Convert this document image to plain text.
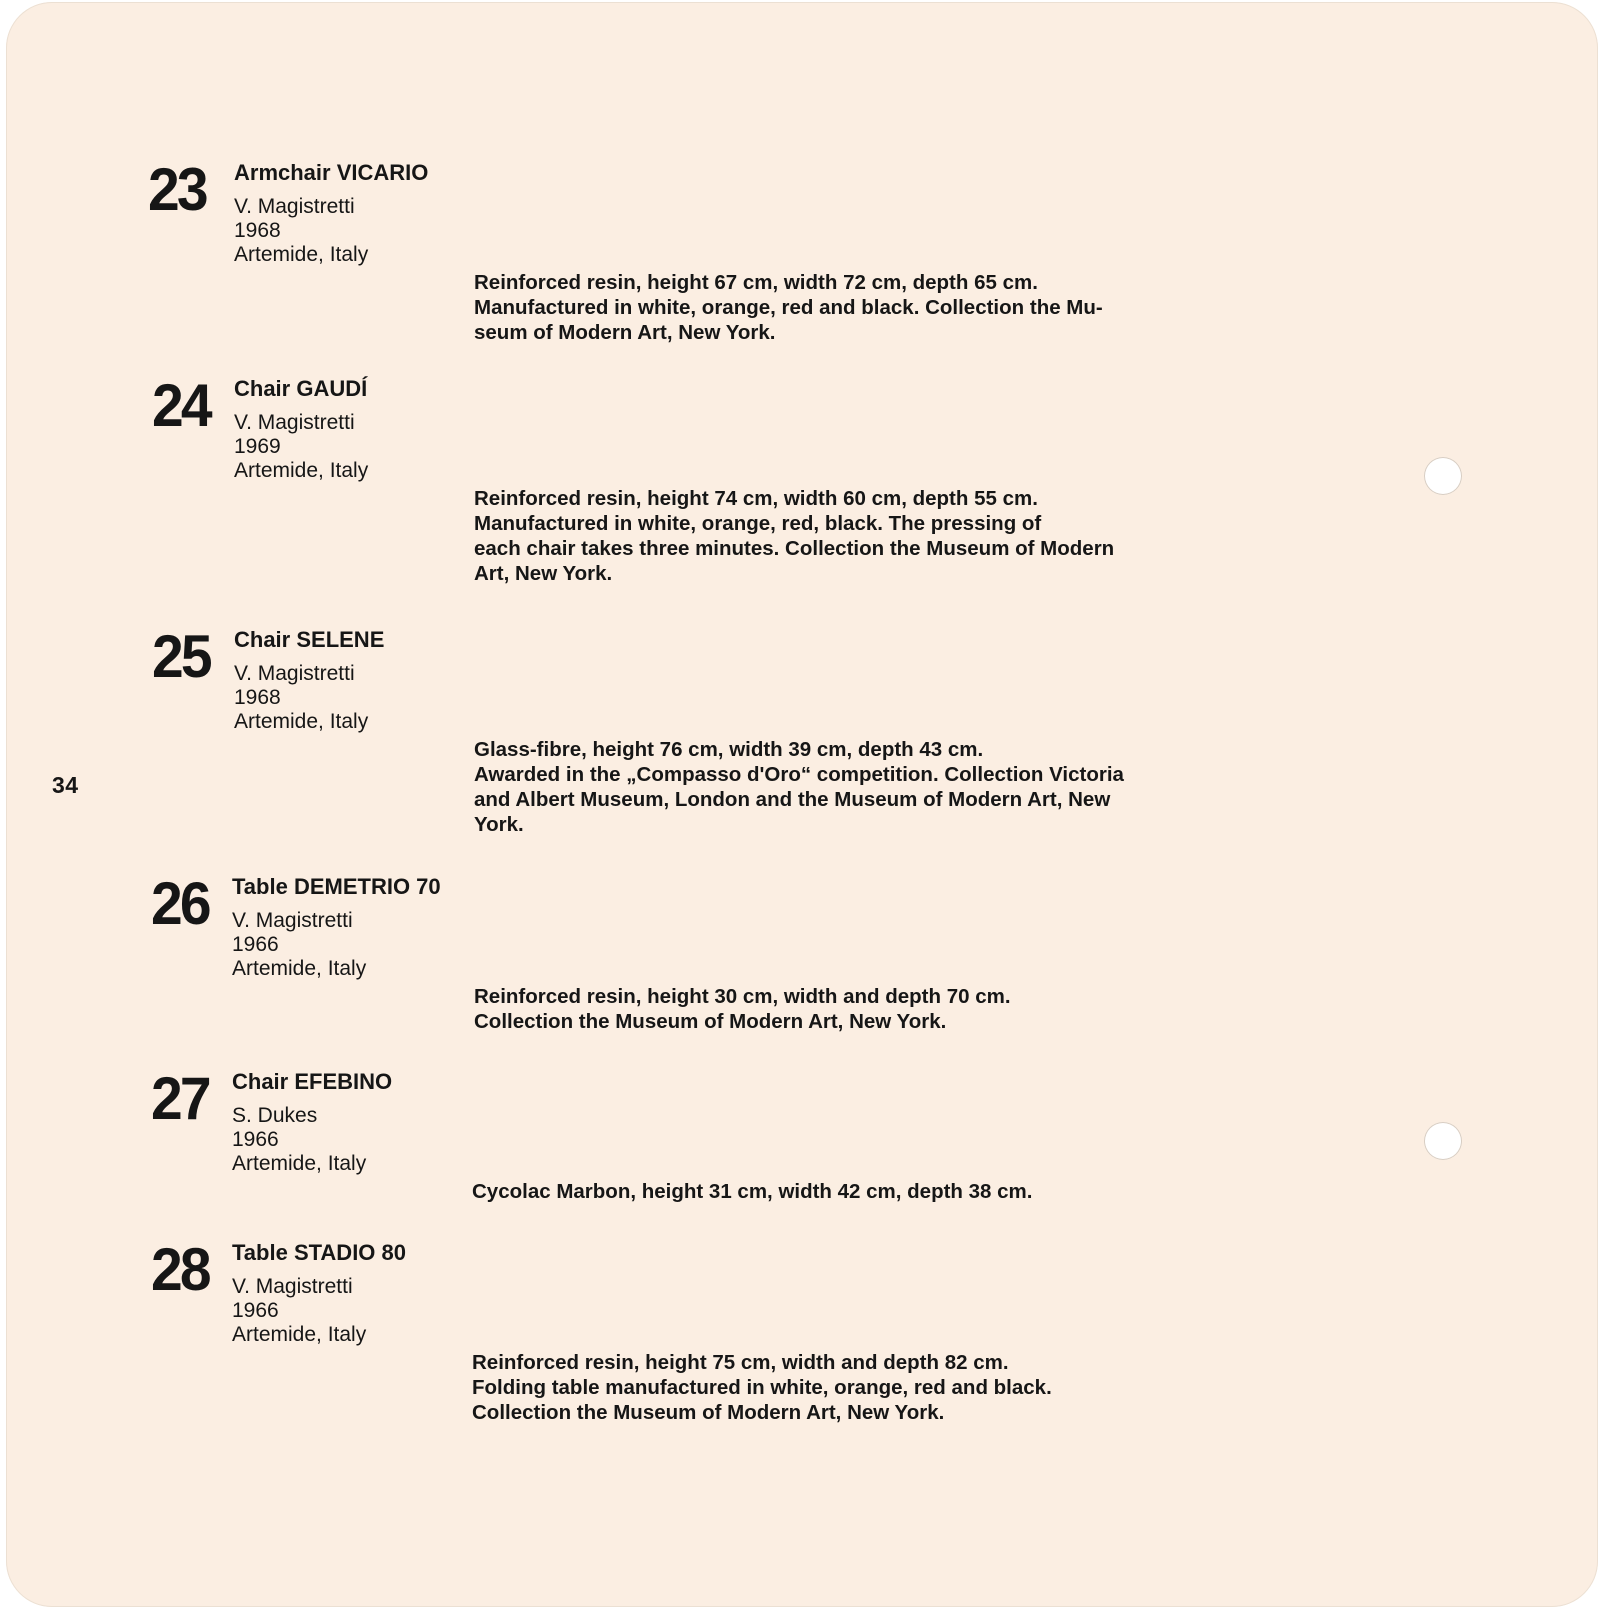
34
23 Armchair VICARIO
V. Magistretti
1968
Artemide, Italy
Reinforced resin, height 67 cm, width 72 cm, depth 65 cm.
Manufactured in white, orange, red and black. Collection the Mu-
seum of Modern Art, New York.
24 Chair GAUDÍ
V. Magistretti
1969
Artemide, Italy
Reinforced resin, height 74 cm, width 60 cm, depth 55 cm.
Manufactured in white, orange, red, black. The pressing of
each chair takes three minutes. Collection the Museum of Modern
Art, New York.
25 Chair SELENE
V. Magistretti
1968
Artemide, Italy
Glass-fibre, height 76 cm, width 39 cm, depth 43 cm.
Awarded in the „Compasso d'Oro“ competition. Collection Victoria
and Albert Museum, London and the Museum of Modern Art, New
York.
26 Table DEMETRIO 70
V. Magistretti
1966
Artemide, Italy
Reinforced resin, height 30 cm, width and depth 70 cm.
Collection the Museum of Modern Art, New York.
27 Chair EFEBINO
S. Dukes
1966
Artemide, Italy
Cycolac Marbon, height 31 cm, width 42 cm, depth 38 cm.
28 Table STADIO 80
V. Magistretti
1966
Artemide, Italy
Reinforced resin, height 75 cm, width and depth 82 cm.
Folding table manufactured in white, orange, red and black.
Collection the Museum of Modern Art, New York.
